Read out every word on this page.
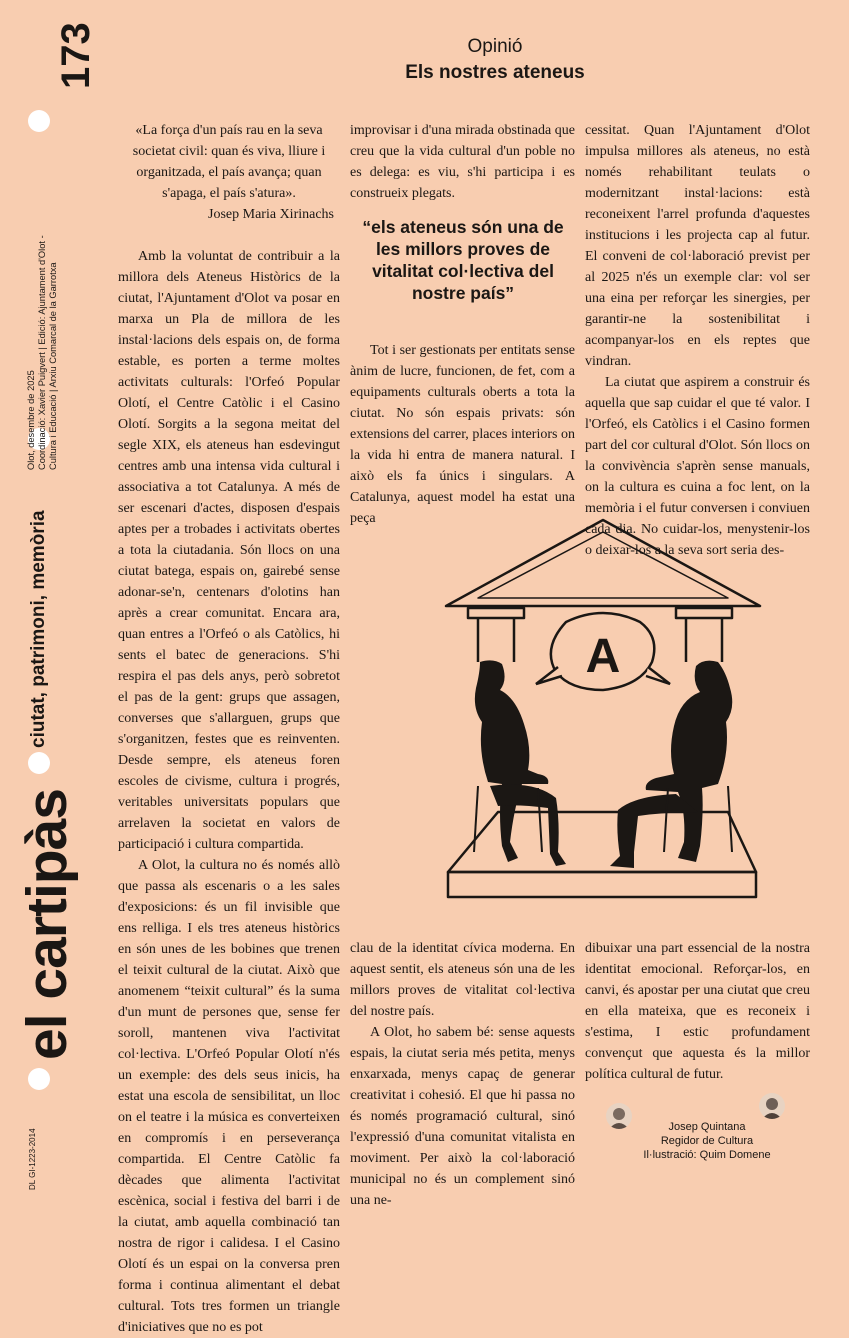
173
Olot, desembre de 2025
Coordinació: Xavier Puigvert | Edició: Ajuntament d'Olot -
Cultura i Educació | Arxiu Comarcal de la Garrotxa
ciutat, patrimoni, memòria
el cartipàs
DL GI-1223-2014
Opinió
Els nostres ateneus

«La força d'un país rau en la seva societat civil: quan és viva, lliure i organitzada, el país avança; quan s'apaga, el país s'atura».

Josep Maria Xirinachs

Amb la voluntat de contribuir a la millora dels Ateneus Històrics de la ciutat, l'Ajuntament d'Olot va posar en marxa un Pla de millora de les instal·lacions dels espais on, de forma estable, es porten a terme moltes activitats culturals: l'Orfeó Popular Olotí, el Centre Catòlic i el Casino Olotí. Sorgits a la segona meitat del segle XIX, els ateneus han esdevingut centres amb una intensa vida cultural i associativa a tot Catalunya. A més de ser escenari d'actes, disposen d'espais aptes per a trobades i activitats obertes a tota la ciutadania. Són llocs on una ciutat batega, espais on, gairebé sense adonar-se'n, centenars d'olotins han après a crear comunitat. Encara ara, quan entres a l'Orfeó o als Catòlics, hi sents el batec de generacions. S'hi respira el pas dels anys, però sobretot el pas de la gent: grups que assagen, converses que s'allarguen, grups que s'organitzen, festes que es reinventen. Desde sempre, els ateneus foren escoles de civisme, cultura i progrés, veritables universitats populars que arrelaven la societat en valors de participació i cultura compartida.

A Olot, la cultura no és només allò que passa als escenaris o a les sales d'exposicions: és un fil invisible que ens relliga. I els tres ateneus històrics en són unes de les bobines que trenen el teixit cultural de la ciutat. Això que anomenem “teixit cultural” és la suma d'un munt de persones que, sense fer soroll, mantenen viva l'activitat col·lectiva. L'Orfeó Popular Olotí n'és un exemple: des dels seus inicis, ha estat una escola de sensibilitat, un lloc on el teatre i la música es converteixen en compromís i en perseverança compartida. El Centre Catòlic fa dècades que alimenta l'activitat escènica, social i festiva del barri i de la ciutat, amb aquella combinació tan nostra de rigor i calidesa. I el Casino Olotí és un espai on la conversa pren forma i continua alimentant el debat cultural. Tots tres formen un triangle d'iniciatives que no es pot

improvisar i d'una mirada obstinada que creu que la vida cultural d'un poble no es delega: es viu, s'hi participa i es construeix plegats.

“els ateneus són una de les millors proves de vitalitat col·lectiva del nostre país”

Tot i ser gestionats per entitats sense ànim de lucre, funcionen, de fet, com a equipaments culturals oberts a tota la ciutat. No són espais privats: són extensions del carrer, places interiors on la vida hi entra de manera natural. I això els fa únics i singulars. A Catalunya, aquest model ha estat una peça

cessitat. Quan l'Ajuntament d'Olot impulsa millores als ateneus, no està només rehabilitant teulats o modernitzant instal·lacions: està reconeixent l'arrel profunda d'aquestes institucions i les projecta cap al futur. El conveni de col·laboració previst per al 2025 n'és un exemple clar: vol ser una eina per reforçar les sinergies, per garantir-ne la sostenibilitat i acompanyar-los en els reptes que vindran.

La ciutat que aspirem a construir és aquella que sap cuidar el que té valor. I l'Orfeó, els Catòlics i el Casino formen part del cor cultural d'Olot. Són llocs on la convivència s'aprèn sense manuals, on la cultura es cuina a foc lent, on la memòria i el futur conversen i conviuen cada dia. No cuidar-los, menystenir-los o deixar-los a la seva sort seria des-

A

clau de la identitat cívica moderna. En aquest sentit, els ateneus són una de les millors proves de vitalitat col·lectiva del nostre país.

A Olot, ho sabem bé: sense aquests espais, la ciutat seria més petita, menys enxarxada, menys capaç de generar creativitat i cohesió. El que hi passa no és només programació cultural, sinó l'expressió d'una comunitat vitalista en moviment. Per això la col·laboració municipal no és un complement sinó una ne-

dibuixar una part essencial de la nostra identitat emocional. Reforçar-los, en canvi, és apostar per una ciutat que creu en ella mateixa, que es reconeix i s'estima, I estic profundament convençut que aquesta és la millor política cultural de futur.

Josep Quintana
Regidor de Cultura
Il·lustració: Quim Domene
